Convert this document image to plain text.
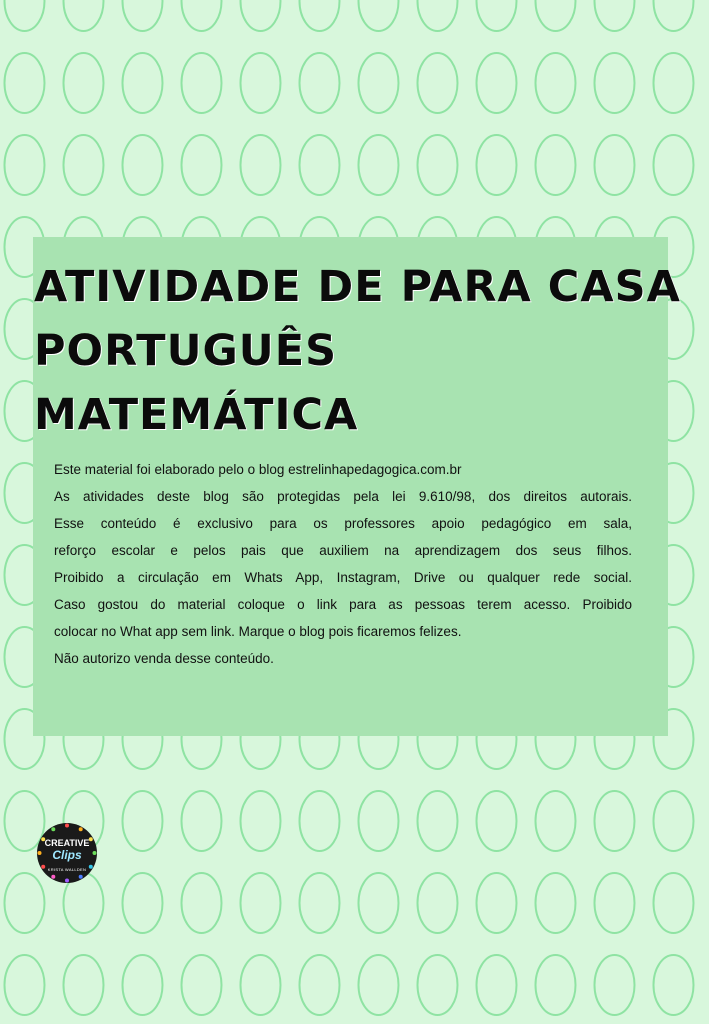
ATIVIDADE DE PARA CASA
PORTUGUÊS
MATEMÁTICA
Este material foi elaborado pelo o blog estrelinhapedagogica.com.br
As atividades deste blog são protegidas pela lei 9.610/98, dos direitos autorais.
Esse conteúdo é exclusivo para os professores apoio pedagógico em sala,
reforço escolar e pelos pais que auxiliem na aprendizagem dos seus filhos.
Proibido a circulação em Whats App, Instagram, Drive ou qualquer rede social.
Caso gostou do material coloque o link para as pessoas terem acesso. Proibido
colocar no What app sem link. Marque o blog pois ficaremos felizes.
Não autorizo venda desse conteúdo.
CREATIVE
Clips
KRISTA WALLDEN
